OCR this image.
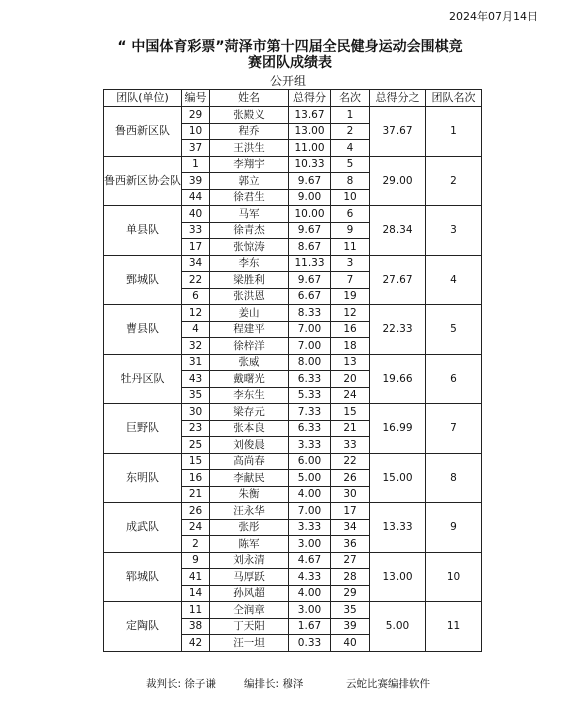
2024年07月14日
“ 中国体育彩票”菏泽市第十四届全民健身运动会围棋竞
赛团队成绩表
公开组
团队(单位)	编号	姓名	总得分	名次	总得分之	团队名次
鲁西新区队	29	张殿义	13.67	1	37.67	1
	10	程乔	13.00	2		
	37	王洪生	11.00	4		
鲁西新区协会队	1	李翔宇	10.33	5	29.00	2
	39	郭立	9.67	8		
	44	徐君生	9.00	10		
单县队	40	马军	10.00	6	28.34	3
	33	徐青杰	9.67	9		
	17	张惊涛	8.67	11		
鄄城队	34	李东	11.33	3	27.67	4
	22	梁胜利	9.67	7		
	6	张洪恩	6.67	19		
曹县队	12	姜山	8.33	12	22.33	5
	4	程建平	7.00	16		
	32	徐梓洋	7.00	18		
牡丹区队	31	张威	8.00	13	19.66	6
	43	戴曙光	6.33	20		
	35	李东生	5.33	24		
巨野队	30	梁存元	7.33	15	16.99	7
	23	张本良	6.33	21		
	25	刘俊晨	3.33	33		
东明队	15	高尚春	6.00	22	15.00	8
	16	李献民	5.00	26		
	21	朱衡	4.00	30		
成武队	26	汪永华	7.00	17	13.33	9
	24	张彤	3.33	34		
	2	陈军	3.00	36		
郓城队	9	刘永清	4.67	27	13.00	10
	41	马厚跃	4.33	28		
	14	孙风超	4.00	29		
定陶队	11	仝润章	3.00	35	5.00	11
	38	丁天阳	1.67	39		
	42	汪一坦	0.33	40		
裁判长: 徐子谦	编排长: 穆泽	云蛇比赛编排软件
